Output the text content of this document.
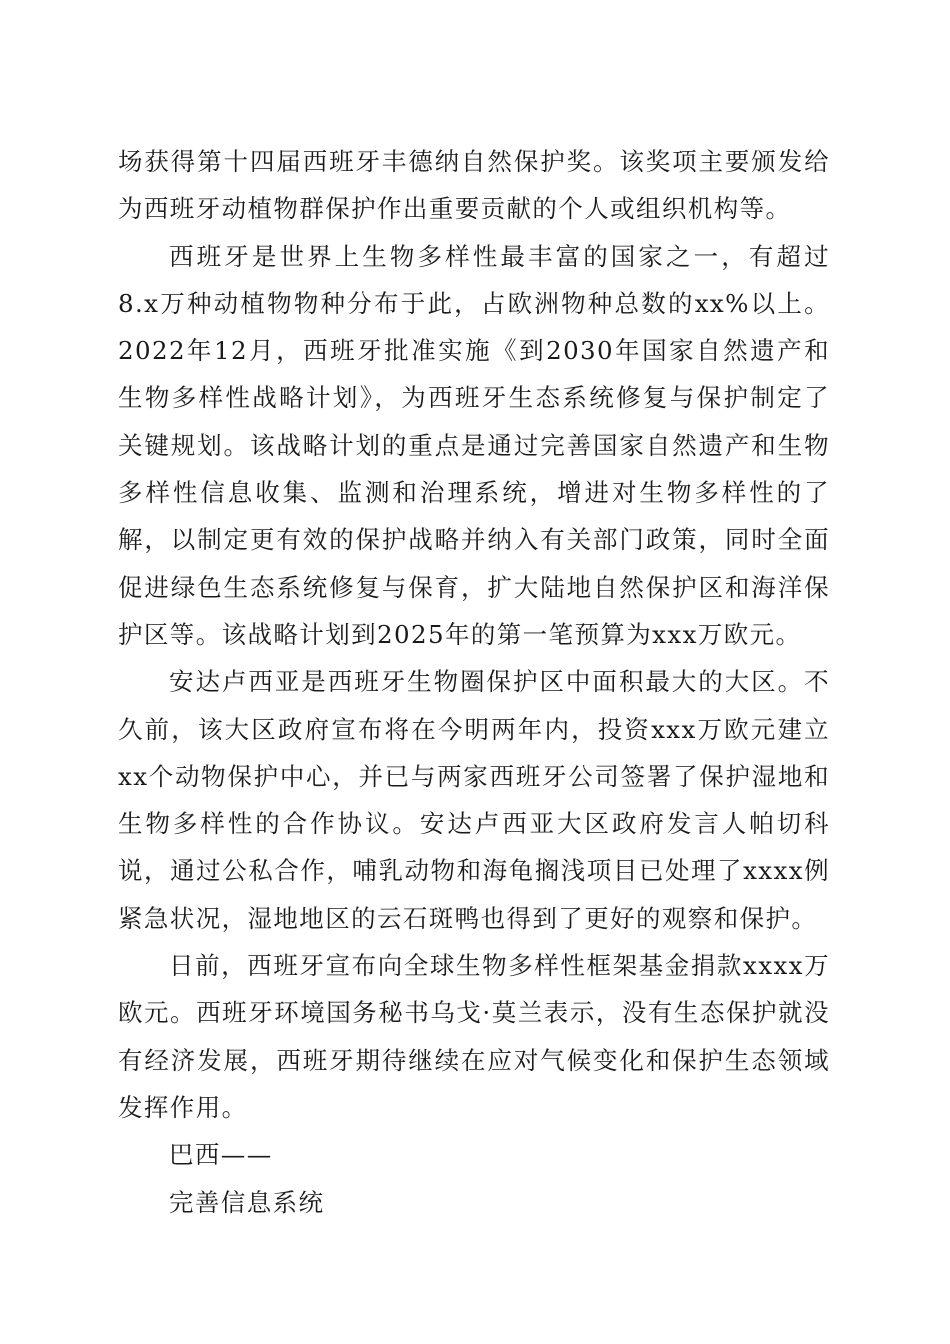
场获得第十四届西班牙丰德纳自然保护奖。该奖项主要颁发给为西班牙动植物群保护作出重要贡献的个人或组织机构等。

西班牙是世界上生物多样性最丰富的国家之一，有超过8.x万种动植物物种分布于此，占欧洲物种总数的xx%以上。2022年12月，西班牙批准实施《到2030年国家自然遗产和生物多样性战略计划》，为西班牙生态系统修复与保护制定了关键规划。该战略计划的重点是通过完善国家自然遗产和生物多样性信息收集、监测和治理系统，增进对生物多样性的了解，以制定更有效的保护战略并纳入有关部门政策，同时全面促进绿色生态系统修复与保育，扩大陆地自然保护区和海洋保护区等。该战略计划到2025年的第一笔预算为xxx万欧元。

安达卢西亚是西班牙生物圈保护区中面积最大的大区。不久前，该大区政府宣布将在今明两年内，投资xxx万欧元建立xx个动物保护中心，并已与两家西班牙公司签署了保护湿地和生物多样性的合作协议。安达卢西亚大区政府发言人帕切科说，通过公私合作，哺乳动物和海龟搁浅项目已处理了xxxx例紧急状况，湿地地区的云石斑鸭也得到了更好的观察和保护。

日前，西班牙宣布向全球生物多样性框架基金捐款xxxx万欧元。西班牙环境国务秘书乌戈·莫兰表示，没有生态保护就没有经济发展，西班牙期待继续在应对气候变化和保护生态领域发挥作用。

巴西——

完善信息系统
